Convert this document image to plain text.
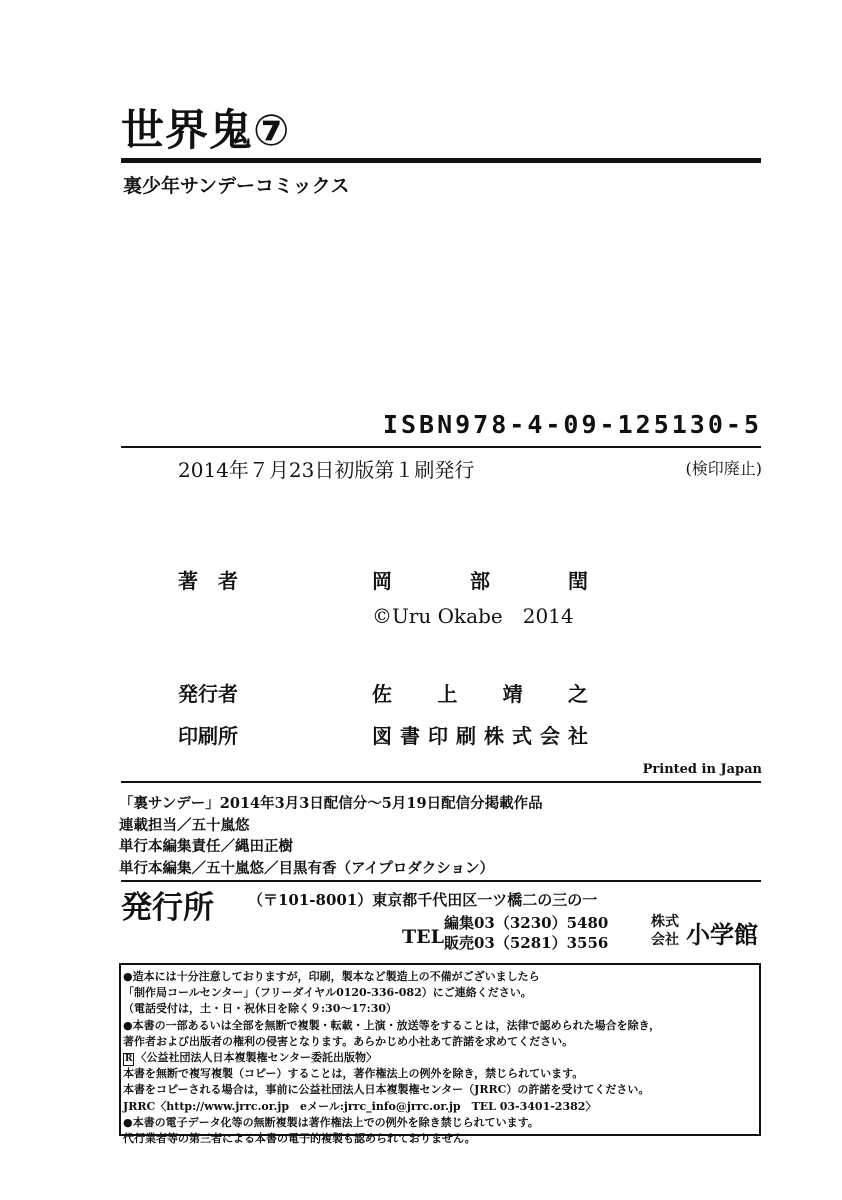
世界鬼⑦
裏少年サンデーコミックス
ISBN978-4-09-125130-5
2014年７月23日初版第１刷発行	(検印廃止)
著　者	岡	部	閏
©Uru Okabe　2014
発行者	佐 上 靖 之
印刷所	図 書 印 刷 株 式 会 社
Printed in Japan
「裏サンデー」2014年3月3日配信分〜5月19日配信分掲載作品
連載担当／五十嵐悠
単行本編集責任／縄田正樹
単行本編集／五十嵐悠／目黒有香（アイプロダクション）
発行所 （〒101-8001）東京都千代田区一ツ橋二の三の一
TEL
編集03（3230）5480
販売03（5281）3556
株式
会社 小学館
●造本には十分注意しておりますが，印刷，製本など製造上の不備がございましたら
「制作局コールセンター」（フリーダイヤル0120-336-082）にご連絡ください。
（電話受付は，土・日・祝休日を除く９:30〜17:30）
●本書の一部あるいは全部を無断で複製・転載・上演・放送等をすることは，法律で認められた場合を除き，
著作者および出版者の権利の侵害となります。あらかじめ小社あて許諾を求めてください。
R 〈公益社団法人日本複製権センター委託出版物〉
本書を無断で複写複製（コピー）することは，著作権法上の例外を除き，禁じられています。
本書をコピーされる場合は，事前に公益社団法人日本複製権センター（JRRC）の許諾を受けてください。
JRRC〈http://www.jrrc.or.jp　eメール:jrrc_info@jrrc.or.jp　TEL 03-3401-2382〉
●本書の電子データ化等の無断複製は著作権法上での例外を除き禁じられています。
代行業者等の第三者による本書の電子的複製も認められておりません。
